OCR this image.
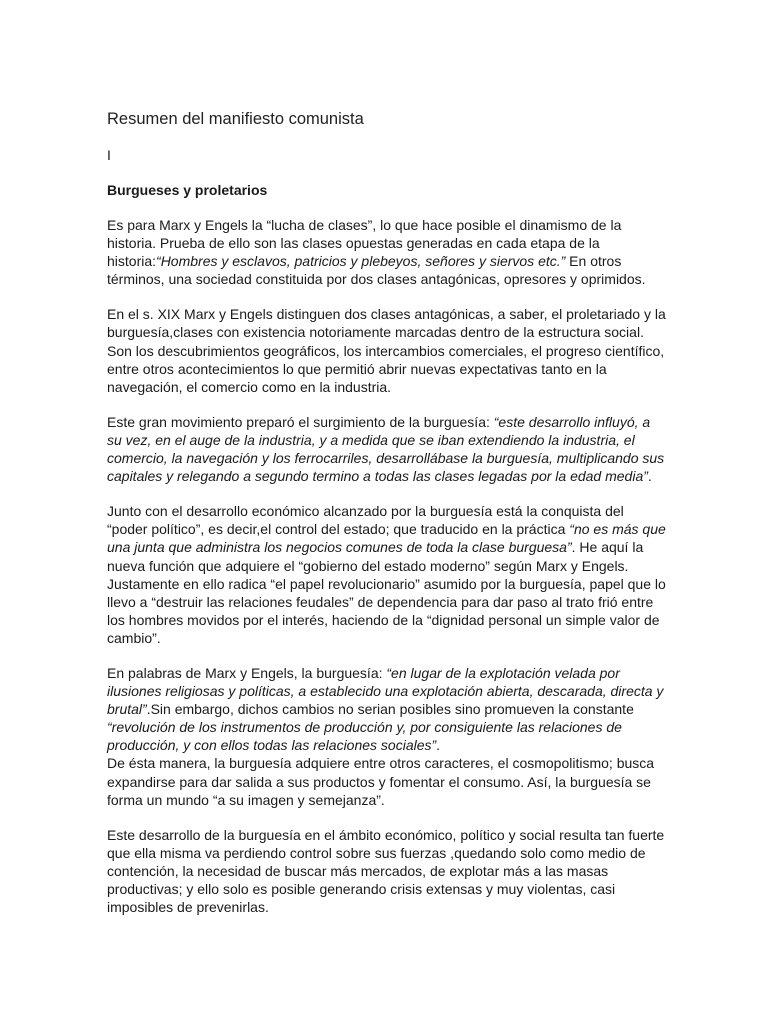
Resumen del manifiesto comunista
I
Burgueses y proletarios

Es para Marx y Engels la “lucha de clases”, lo que hace posible el dinamismo de la historia. Prueba de ello son las clases opuestas generadas en cada etapa de la historia:“Hombres y esclavos, patricios y plebeyos, señores y siervos etc.” En otros términos, una sociedad constituida por dos clases antagónicas, opresores y oprimidos.

En el s. XIX Marx y Engels distinguen dos clases antagónicas, a saber, el proletariado y la burguesía,clases con existencia notoriamente marcadas dentro de la estructura social. Son los descubrimientos geográficos, los intercambios comerciales, el progreso científico, entre otros acontecimientos lo que permitió abrir nuevas expectativas tanto en la navegación, el comercio como en la industria.

Este gran movimiento preparó el surgimiento de la burguesía: “este desarrollo influyó, a su vez, en el auge de la industria, y a medida que se iban extendiendo la industria, el comercio, la navegación y los ferrocarriles, desarrollábase la burguesía, multiplicando sus capitales y relegando a segundo termino a todas las clases legadas por la edad media”.

Junto con el desarrollo económico alcanzado por la burguesía está la conquista del “poder político”, es decir,el control del estado; que traducido en la práctica “no es más que una junta que administra los negocios comunes de toda la clase burguesa”. He aquí la nueva función que adquiere el “gobierno del estado moderno” según Marx y Engels. Justamente en ello radica “el papel revolucionario” asumido por la burguesía, papel que lo llevo a “destruir las relaciones feudales” de dependencia para dar paso al trato frió entre los hombres movidos por el interés, haciendo de la “dignidad personal un simple valor de cambio”.

En palabras de Marx y Engels, la burguesía: “en lugar de la explotación velada por ilusiones religiosas y políticas, a establecido una explotación abierta, descarada, directa y brutal”.Sin embargo, dichos cambios no serian posibles sino promueven la constante “revolución de los instrumentos de producción y, por consiguiente las relaciones de producción, y con ellos todas las relaciones sociales”.

De ésta manera, la burguesía adquiere entre otros caracteres, el cosmopolitismo; busca expandirse para dar salida a sus productos y fomentar el consumo. Así, la burguesía se forma un mundo “a su imagen y semejanza”.

Este desarrollo de la burguesía en el ámbito económico, político y social resulta tan fuerte que ella misma va perdiendo control sobre sus fuerzas ,quedando solo como medio de contención, la necesidad de buscar más mercados, de explotar más a las masas productivas; y ello solo es posible generando crisis extensas y muy violentas, casi imposibles de prevenirlas.
